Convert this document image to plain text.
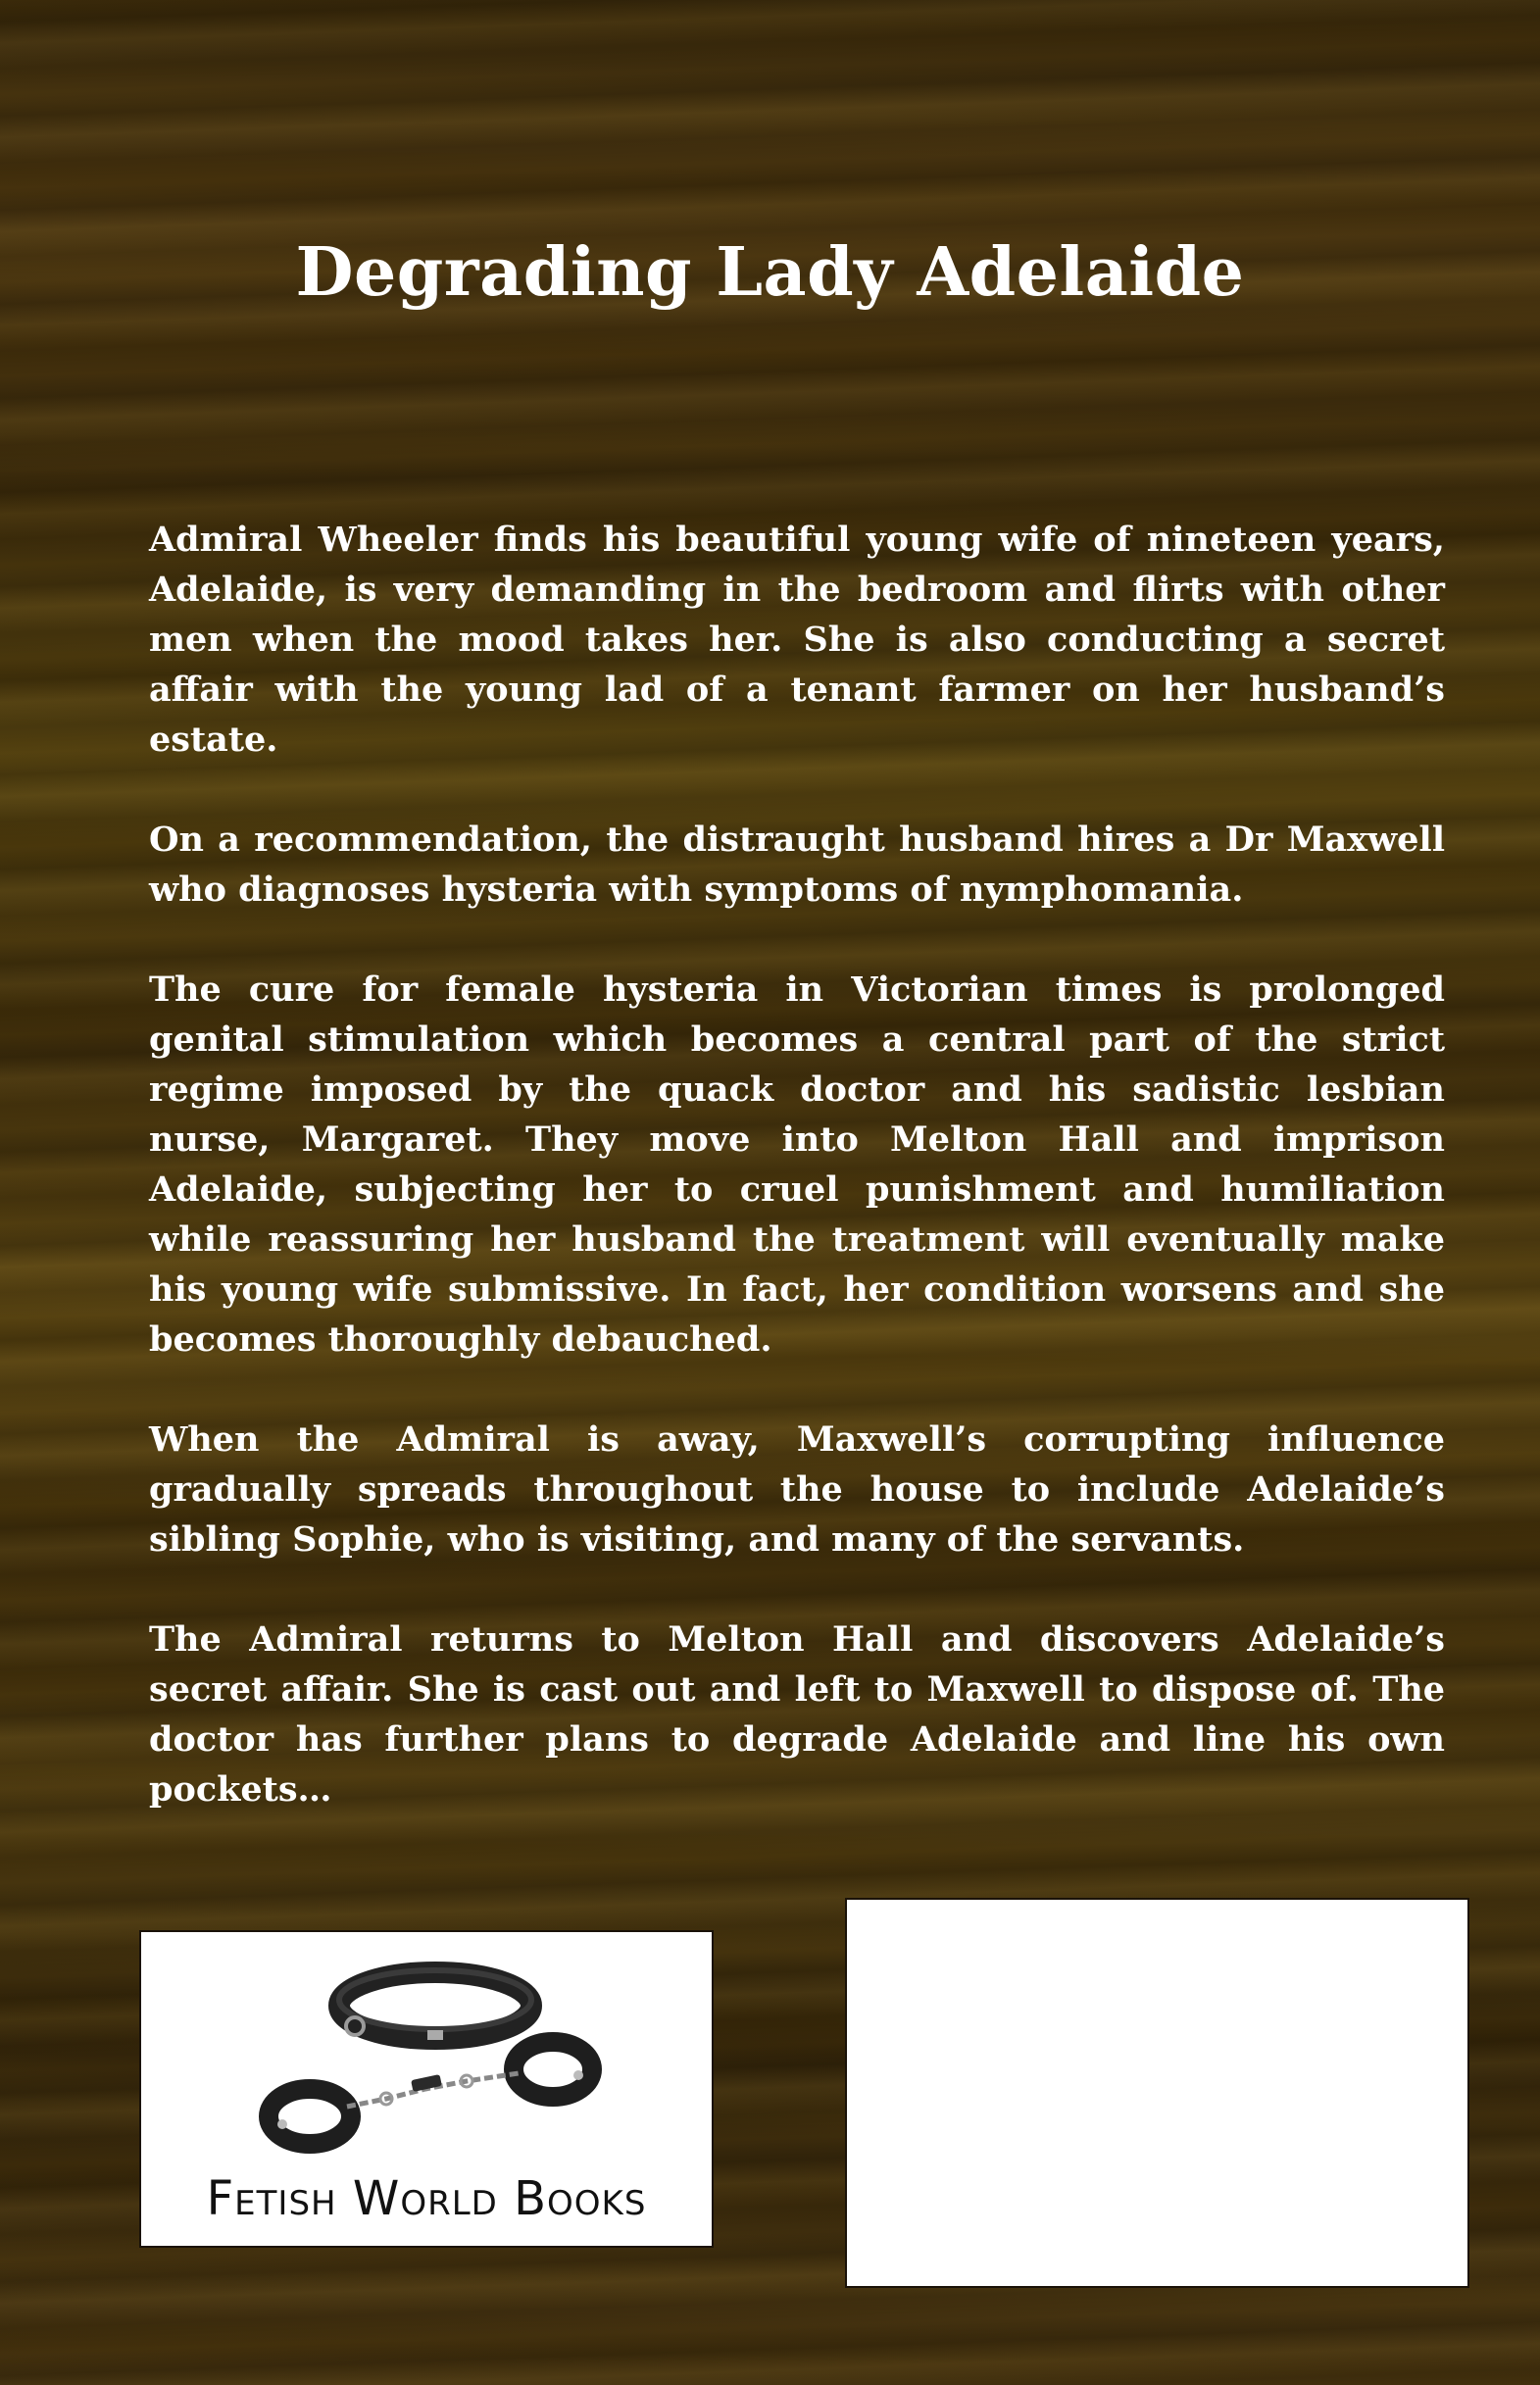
Degrading Lady Adelaide

Admiral Wheeler finds his beautiful young wife of nineteen years, Adelaide, is very demanding in the bedroom and flirts with other men when the mood takes her. She is also conducting a secret affair with the young lad of a tenant farmer on her husband’s estate.

On a recommendation, the distraught husband hires a Dr Maxwell who diagnoses hysteria with symptoms of nymphomania.

The cure for female hysteria in Victorian times is prolonged genital stimulation which becomes a central part of the strict regime imposed by the quack doctor and his sadistic lesbian nurse, Margaret. They move into Melton Hall and imprison Adelaide, subjecting her to cruel punishment and humiliation while reassuring her husband the treatment will eventually make his young wife submissive. In fact, her condition worsens and she becomes thoroughly debauched.

When the Admiral is away, Maxwell’s corrupting influence gradually spreads throughout the house to include Adelaide’s sibling Sophie, who is visiting, and many of the servants.

The Admiral returns to Melton Hall and discovers Adelaide’s secret affair. She is cast out and left to Maxwell to dispose of. The doctor has further plans to degrade Adelaide and line his own pockets…

Fetish World Books
